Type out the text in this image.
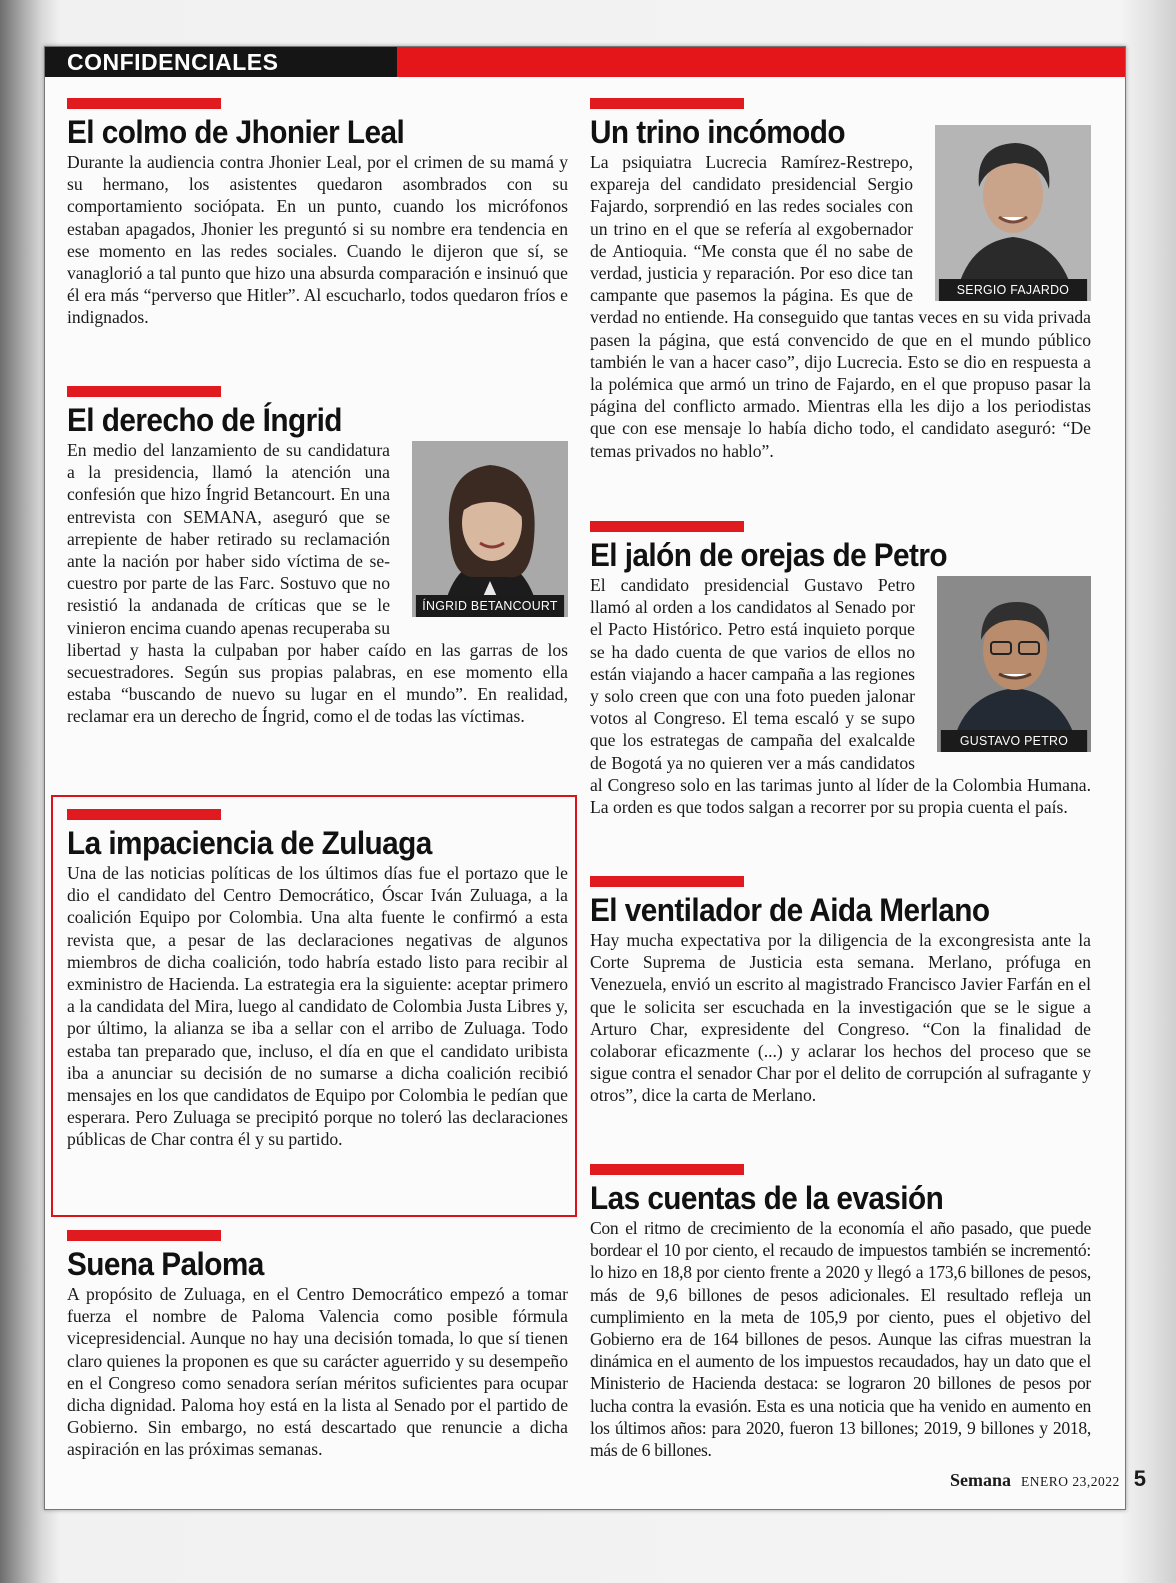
CONFIDENCIALES
El colmo de Jhonier Leal

Durante la audiencia contra Jhonier Leal, por el crimen de su mamá y su hermano, los asistentes quedaron asombrados con su comportamiento sociópata. En un punto, cuando los micrófonos estaban apagados, Jhonier les preguntó si su nombre era tendencia en ese momento en las redes sociales. Cuando le dijeron que sí, se vanaglorió a tal punto que hizo una absurda comparación e insinuó que él era más “perverso que Hitler”. Al escucharlo, todos quedaron fríos e indignados.

El derecho de Íngrid
ÍNGRID BETANCOURT

En medio del lanzamiento de su candidatura a la presidencia, llamó la atención una confesión que hizo Íngrid Betancourt. En una entrevista con SEMANA, aseguró que se arrepiente de haber retirado su reclamación ante la nación por haber sido víctima de secuestro por parte de las Farc. Sostuvo que no resistió la andanada de críticas que se le vinieron encima cuando apenas recuperaba su libertad y hasta la culpaban por haber caído en las garras de los secuestradores. Según sus propias palabras, en ese momento ella estaba “buscando de nuevo su lugar en el mundo”. En realidad, reclamar era un derecho de Íngrid, como el de todas las víctimas.

La impaciencia de Zuluaga

Una de las noticias políticas de los últimos días fue el portazo que le dio el candidato del Centro Democrático, Óscar Iván Zuluaga, a la coalición Equipo por Colombia. Una alta fuente le confirmó a esta revista que, a pesar de las declaraciones negativas de algunos miembros de dicha coalición, todo habría estado listo para recibir al exministro de Hacienda. La estrategia era la siguiente: aceptar primero a la candidata del Mira, luego al candidato de Colombia Justa Libres y, por último, la alianza se iba a sellar con el arribo de Zuluaga. Todo estaba tan preparado que, incluso, el día en que el candidato uribista iba a anunciar su decisión de no sumarse a dicha coalición recibió mensajes en los que candidatos de Equipo por Colombia le pedían que esperara. Pero Zuluaga se precipitó porque no toleró las declaraciones públicas de Char contra él y su partido.

Suena Paloma

A propósito de Zuluaga, en el Centro Democrático empezó a tomar fuerza el nombre de Paloma Valencia como posible fórmula vicepresidencial. Aunque no hay una decisión tomada, lo que sí tienen claro quienes la proponen es que su carácter aguerrido y su desempeño en el Congreso como senadora serían méritos suficientes para ocupar dicha dignidad. Paloma hoy está en la lista al Senado por el partido de Gobierno. Sin embargo, no está descartado que renuncie a dicha aspiración en las próximas semanas.

Un trino incómodo
SERGIO FAJARDO

La psiquiatra Lucrecia Ramírez-Restrepo, expareja del candidato presidencial Sergio Fajardo, sorprendió en las redes sociales con un trino en el que se refería al exgobernador de Antioquia. “Me consta que él no sabe de verdad, justicia y reparación. Por eso dice tan campante que pasemos la página. Es que de verdad no entiende. Ha conseguido que tantas veces en su vida privada pasen la página, que está convencido de que en el mundo público también le van a hacer caso”, dijo Lucrecia. Esto se dio en respuesta a la polémica que armó un trino de Fajardo, en el que propuso pasar la página del conflicto armado. Mientras ella les dijo a los periodistas que con ese mensaje lo había dicho todo, el candidato aseguró: “De temas privados no hablo”.

El jalón de orejas de Petro
GUSTAVO PETRO

El candidato presidencial Gustavo Petro llamó al orden a los candidatos al Senado por el Pacto Histórico. Petro está inquieto porque se ha dado cuenta de que varios de ellos no están viajando a hacer campaña a las regiones y solo creen que con una foto pueden jalonar votos al Congreso. El tema escaló y se supo que los estrategas de campaña del exalcalde de Bogotá ya no quieren ver a más candidatos al Congreso solo en las tarimas junto al líder de la Colombia Humana. La orden es que todos salgan a recorrer por su propia cuenta el país.

El ventilador de Aida Merlano

Hay mucha expectativa por la diligencia de la excongresista ante la Corte Suprema de Justicia esta semana. Merlano, prófuga en Venezuela, envió un escrito al magistrado Francisco Javier Farfán en el que le solicita ser escuchada en la investigación que se le sigue a Arturo Char, expresidente del Congreso. “Con la finalidad de colaborar eficazmente (...) y aclarar los hechos del proceso que se sigue contra el senador Char por el delito de corrupción al sufragante y otros”, dice la carta de Merlano.

Las cuentas de la evasión

Con el ritmo de crecimiento de la economía el año pasado, que puede bordear el 10 por ciento, el recaudo de impuestos también se incrementó: lo hizo en 18,8 por ciento frente a 2020 y llegó a 173,6 billones de pesos, más de 9,6 billones de pesos adicionales. El resultado refleja un cumplimiento en la meta de 105,9 por ciento, pues el objetivo del Gobierno era de 164 billones de pesos. Aunque las cifras muestran la dinámica en el aumento de los impuestos recaudados, hay un dato que el Ministerio de Hacienda destaca: se lograron 20 billones de pesos por lucha contra la evasión. Esta es una noticia que ha venido en aumento en los últimos años: para 2020, fueron 13 billones; 2019, 9 billones y 2018, más de 6 billones.

Semana ENERO 23,2022 5
